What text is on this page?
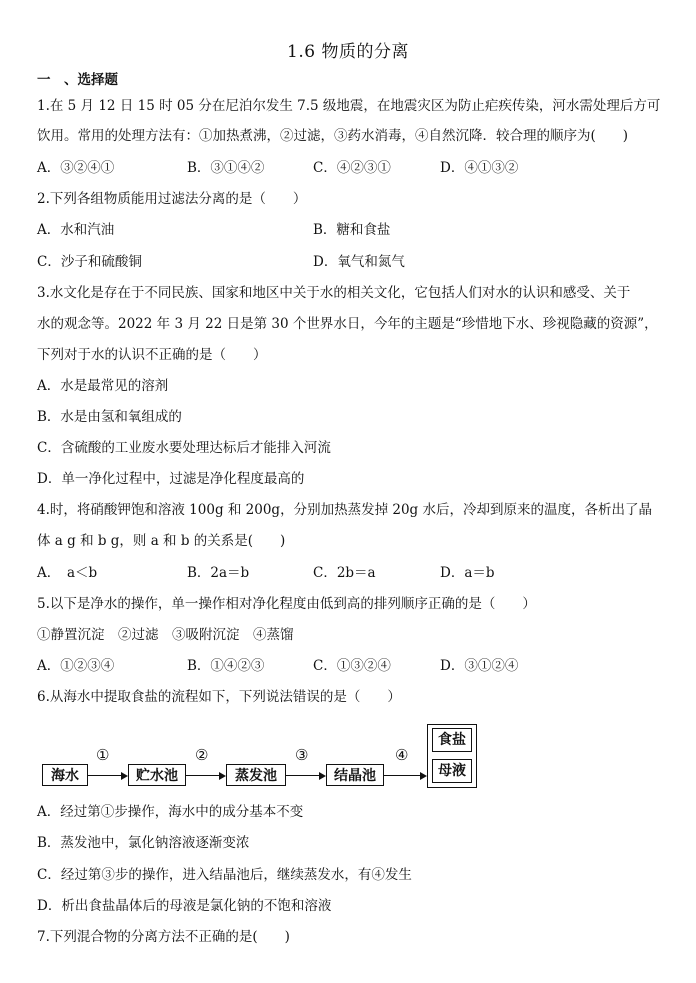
1.6 物质的分离
一　、选择题
1.在 5 月 12 日 15 时 05 分在尼泊尔发生 7.5 级地震，在地震灾区为防止疟疾传染，河水需处理后方可
饮用。常用的处理方法有：①加热煮沸，②过滤，③药水消毒，④自然沉降．较合理的顺序为(　　)
A．③②④①	B．③①④②	C．④②③①	D．④①③②
2.下列各组物质能用过滤法分离的是（　　）
A．水和汽油	B．糖和食盐
C．沙子和硫酸铜	D．氧气和氮气
3.水文化是存在于不同民族、国家和地区中关于水的相关文化，它包括人们对水的认识和感受、关于
水的观念等。2022 年 3 月 22 日是第 30 个世界水日，今年的主题是“珍惜地下水、珍视隐藏的资源”，
下列对于水的认识不正确的是（　　）
A．水是最常见的溶剂
B．水是由氢和氧组成的
C．含硫酸的工业废水要处理达标后才能排入河流
D．单一净化过程中，过滤是净化程度最高的
4.时，将硝酸钾饱和溶液 100g 和 200g，分别加热蒸发掉 20g 水后，冷却到原来的温度，各析出了晶
体 a g 和 b g，则 a 和 b 的关系是(　　)
A．　a＜b	B．2a＝b	C．2b＝a	D．a＝b
5.以下是净水的操作，单一操作相对净化程度由低到高的排列顺序正确的是（　　）
①静置沉淀　②过滤　③吸附沉淀　④蒸馏
A．①②③④	B．①④②③	C．①③②④	D．③①②④
6.从海水中提取食盐的流程如下，下列说法错误的是（　　）
海水	贮水池	蒸发池	结晶池
①	②	③	④
食盐
母液
A．经过第①步操作，海水中的成分基本不变
B．蒸发池中，氯化钠溶液逐渐变浓
C．经过第③步的操作，进入结晶池后，继续蒸发水，有④发生
D．析出食盐晶体后的母液是氯化钠的不饱和溶液
7.下列混合物的分离方法不正确的是(　　)
